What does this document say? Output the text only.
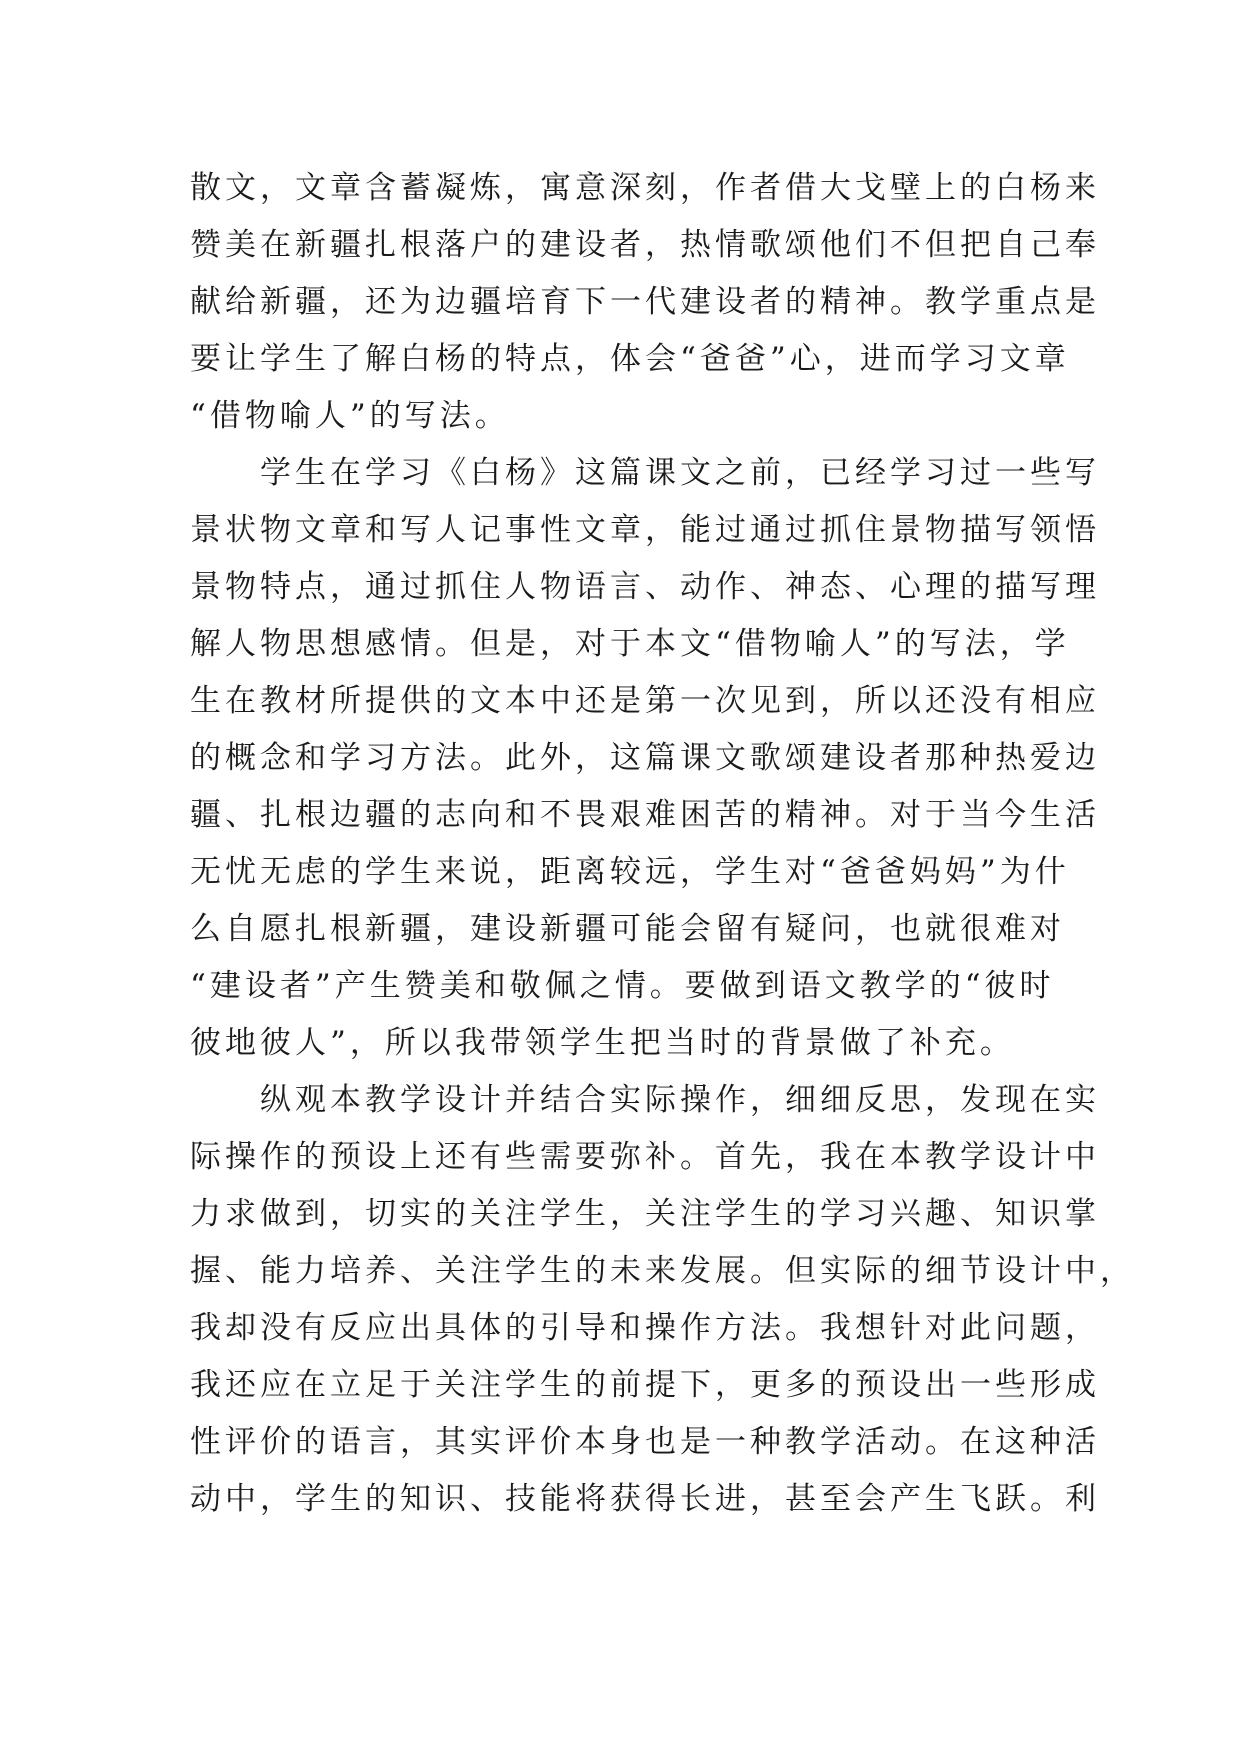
散文，文章含蓄凝炼，寓意深刻，作者借大戈壁上的白杨来
赞美在新疆扎根落户的建设者，热情歌颂他们不但把自己奉
献给新疆，还为边疆培育下一代建设者的精神。教学重点是
要让学生了解白杨的特点，体会“爸爸”心，进而学习文章
“借物喻人”的写法。
学生在学习《白杨》这篇课文之前，已经学习过一些写
景状物文章和写人记事性文章，能过通过抓住景物描写领悟
景物特点，通过抓住人物语言、动作、神态、心理的描写理
解人物思想感情。但是，对于本文“借物喻人”的写法，学
生在教材所提供的文本中还是第一次见到，所以还没有相应
的概念和学习方法。此外，这篇课文歌颂建设者那种热爱边
疆、扎根边疆的志向和不畏艰难困苦的精神。对于当今生活
无忧无虑的学生来说，距离较远，学生对“爸爸妈妈”为什
么自愿扎根新疆，建设新疆可能会留有疑问，也就很难对
“建设者”产生赞美和敬佩之情。要做到语文教学的“彼时
彼地彼人”，所以我带领学生把当时的背景做了补充。
纵观本教学设计并结合实际操作，细细反思，发现在实
际操作的预设上还有些需要弥补。首先，我在本教学设计中
力求做到，切实的关注学生，关注学生的学习兴趣、知识掌
握、能力培养、关注学生的未来发展。但实际的细节设计中，
我却没有反应出具体的引导和操作方法。我想针对此问题，
我还应在立足于关注学生的前提下，更多的预设出一些形成
性评价的语言，其实评价本身也是一种教学活动。在这种活
动中，学生的知识、技能将获得长进，甚至会产生飞跃。利
